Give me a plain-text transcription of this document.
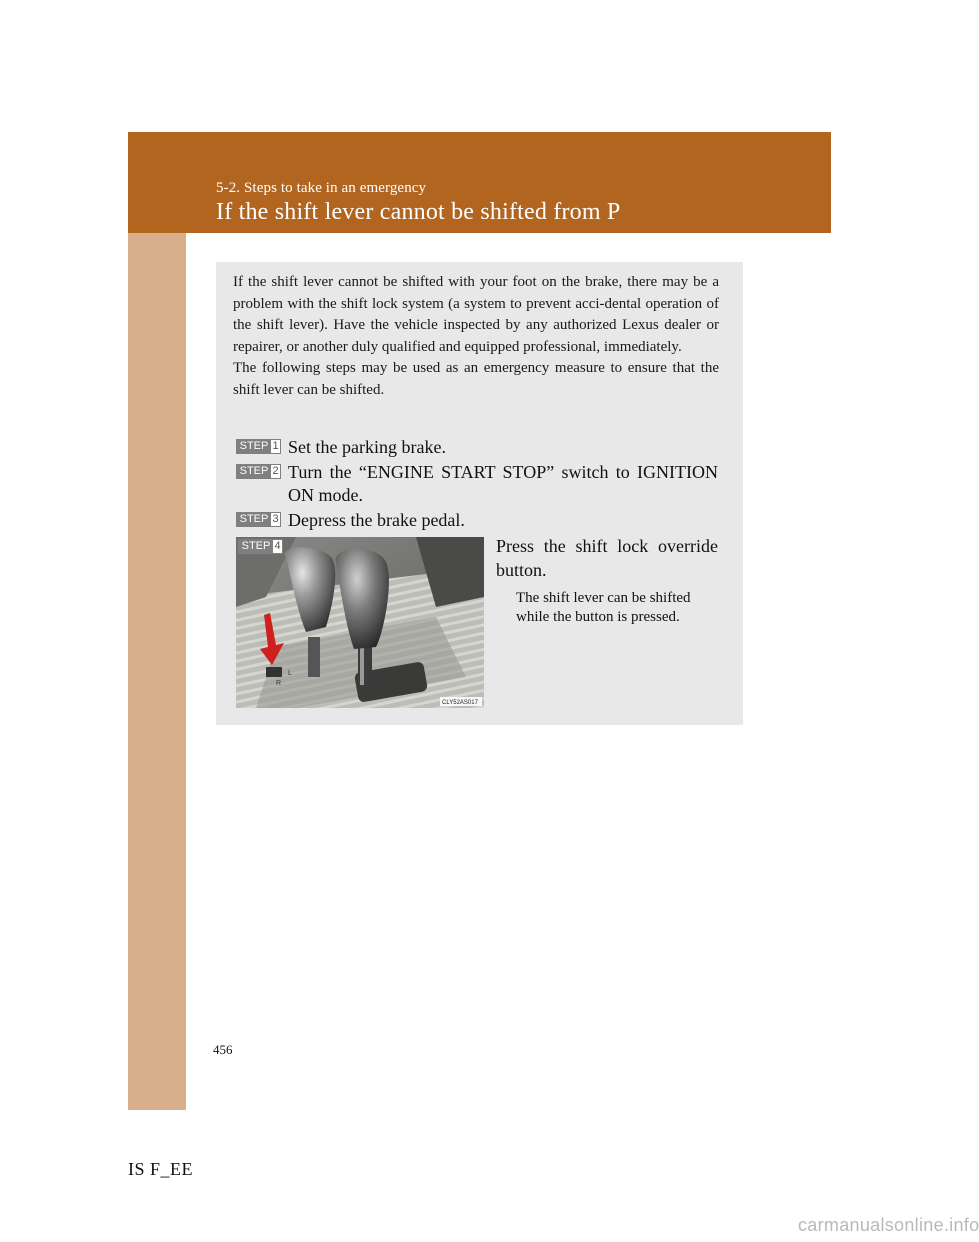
5-2. Steps to take in an emergency
If the shift lever cannot be shifted from P

If the shift lever cannot be shifted with your foot on the brake, there may be a problem with the shift lock system (a system to prevent acci-dental operation of the shift lever). Have the vehicle inspected by any authorized Lexus dealer or repairer, or another duly qualified and equipped professional, immediately.

The following steps may be used as an emergency measure to ensure that the shift lever can be shifted.

STEP 1 Set the parking brake.
STEP 2 Turn the “ENGINE START STOP” switch to IGNITION ON mode.
STEP 3 Depress the brake pedal.
R
L
CLY52AS017
STEP 4	Press the shift lock override button.
The shift lever can be shifted while the button is pressed.
456
IS F_EE
carmanualsonline.info
